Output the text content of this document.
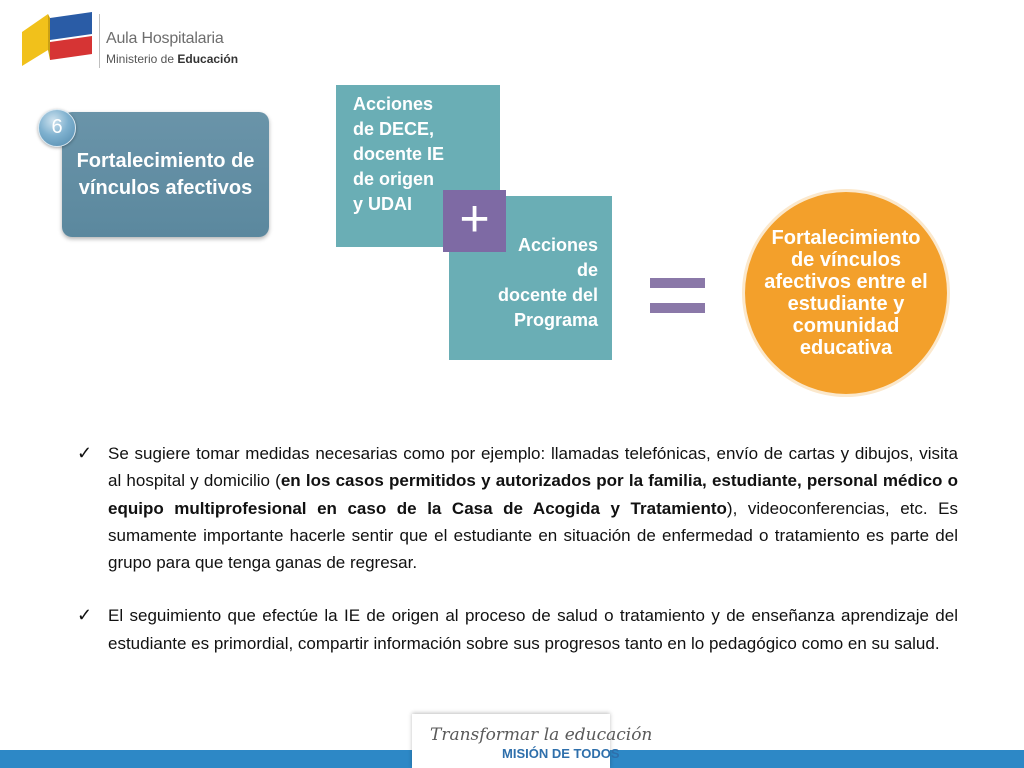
Aula Hospitalaria
Ministerio de Educación
Fortalecimiento de vínculos afectivos
6
Acciones
de DECE,
docente IE
de origen
y UDAI
Acciones
de
docente del
Programa
+	Fortalecimiento
de vínculos
afectivos entre el
estudiante y
comunidad
educativa
✓ Se sugiere tomar medidas necesarias como por ejemplo: llamadas telefónicas, envío de cartas y dibujos, visita al hospital y domicilio (en los casos permitidos y autorizados por la familia, estudiante, personal médico o equipo multiprofesional en caso de la Casa de Acogida y Tratamiento), videoconferencias, etc. Es sumamente importante hacerle sentir que el estudiante en situación de enfermedad o tratamiento es parte del grupo para que tenga ganas de regresar.
✓ El seguimiento que efectúe la IE de origen al proceso de salud o tratamiento y de enseñanza aprendizaje del estudiante es primordial, compartir información sobre sus progresos tanto en lo pedagógico como en su salud.
Transformar la educación
MISIÓN DE TODOS
